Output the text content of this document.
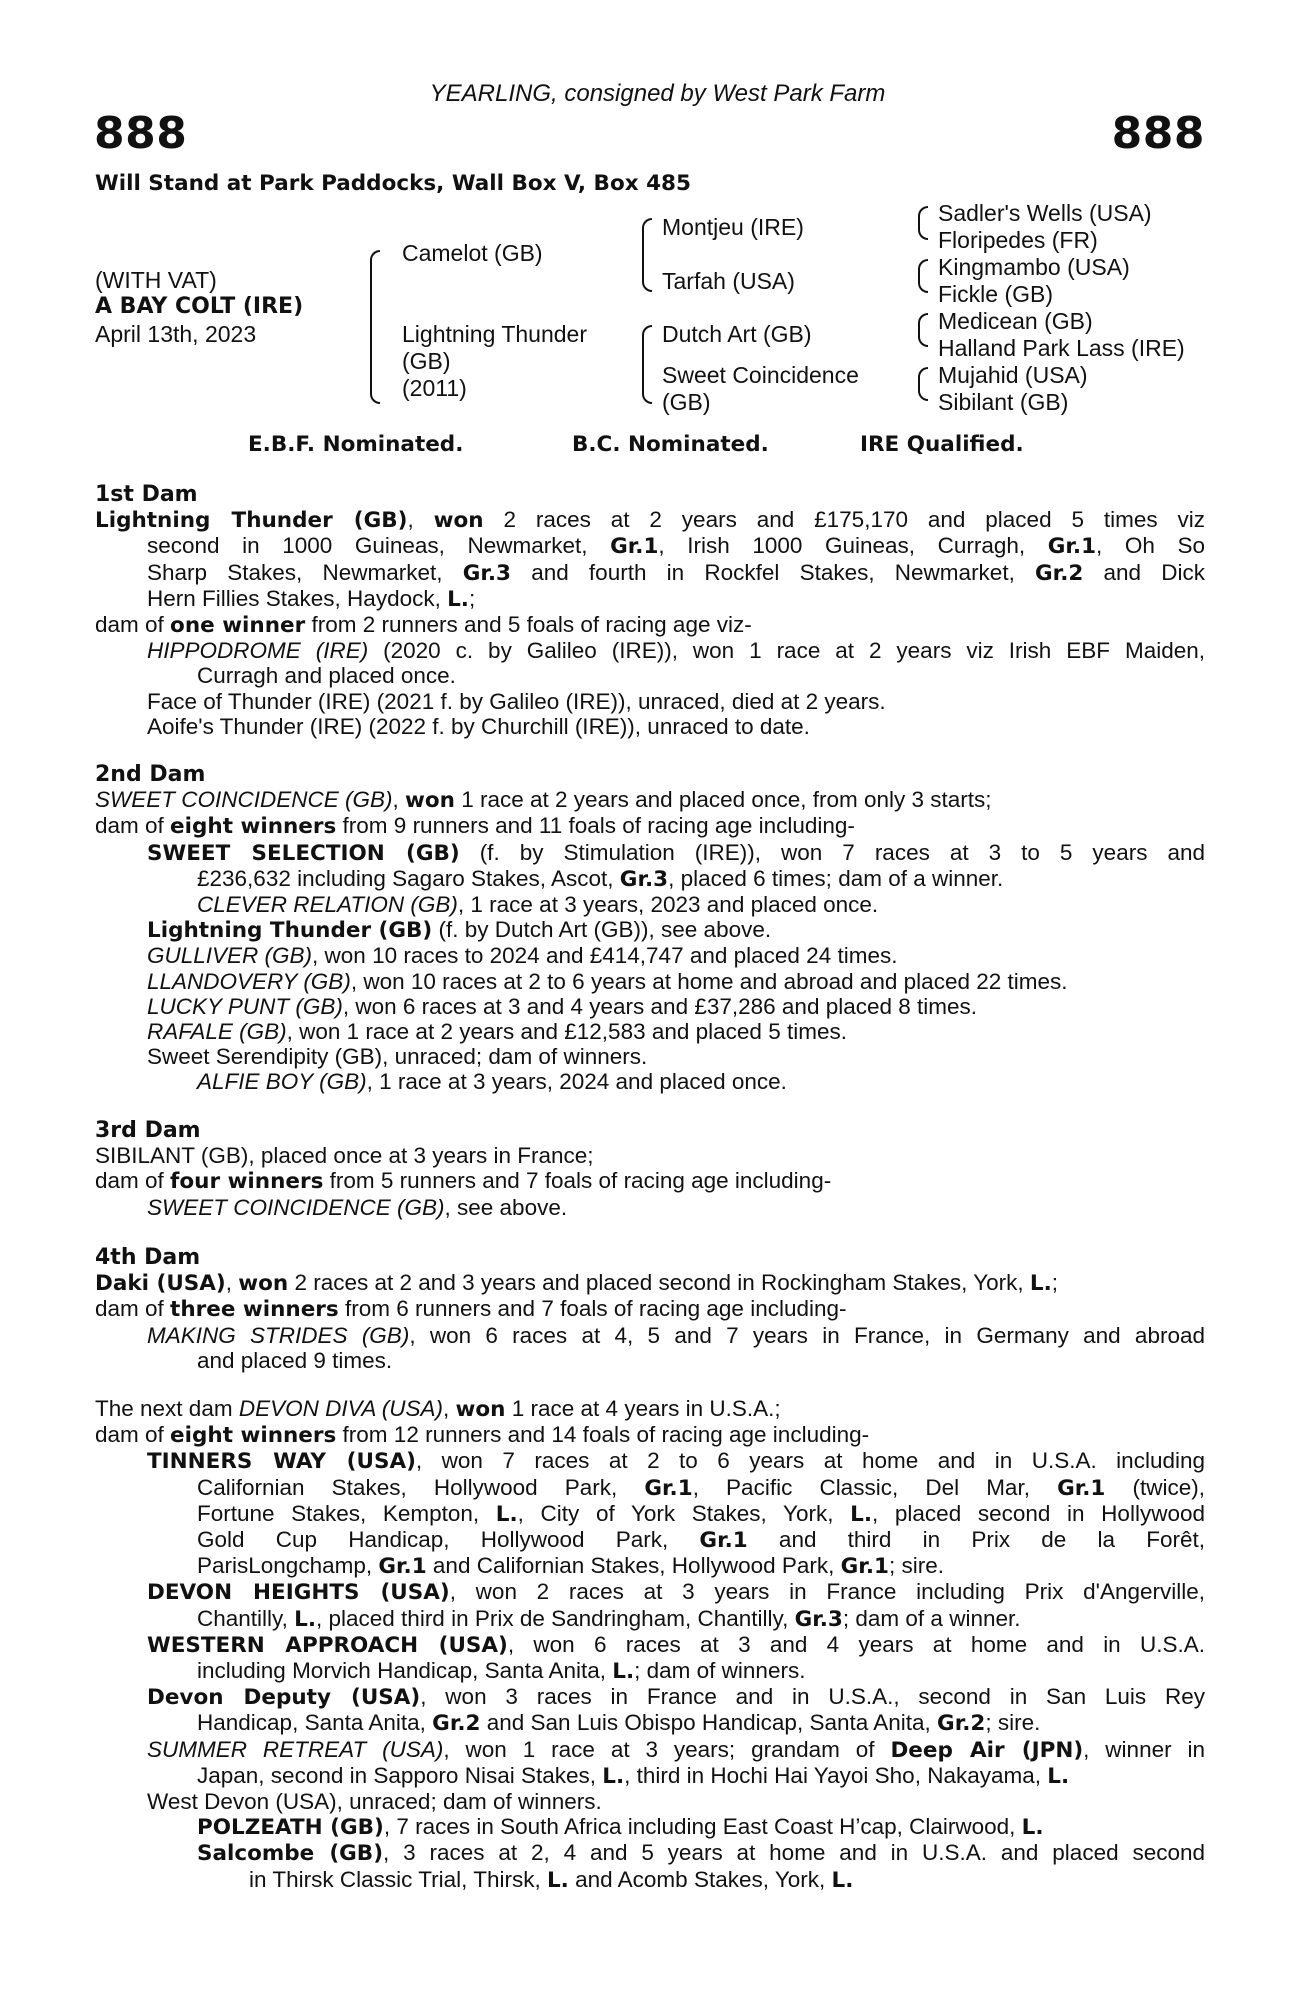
YEARLING, consigned by West Park Farm
888	888
Will Stand at Park Paddocks, Wall Box V, Box 485
(WITH VAT)
A BAY COLT (IRE)
April 13th, 2023
Camelot (GB)
Lightning Thunder
(GB)
(2011)
Montjeu (IRE)
Tarfah (USA)
Dutch Art (GB)
Sweet Coincidence
(GB)
Sadler's Wells (USA)
Floripedes (FR)
Kingmambo (USA)
Fickle (GB)
Medicean (GB)
Halland Park Lass (IRE)
Mujahid (USA)
Sibilant (GB)
E.B.F. Nominated.	B.C. Nominated.	IRE Qualified.
1st Dam
Lightning Thunder (GB), won 2 races at 2 years and £175,170 and placed 5 times viz
second in 1000 Guineas, Newmarket, Gr.1, Irish 1000 Guineas, Curragh, Gr.1, Oh So
Sharp Stakes, Newmarket, Gr.3 and fourth in Rockfel Stakes, Newmarket, Gr.2 and Dick
Hern Fillies Stakes, Haydock, L.;
dam of one winner from 2 runners and 5 foals of racing age viz-
HIPPODROME (IRE) (2020 c. by Galileo (IRE)), won 1 race at 2 years viz Irish EBF Maiden,
Curragh and placed once.
Face of Thunder (IRE) (2021 f. by Galileo (IRE)), unraced, died at 2 years.
Aoife's Thunder (IRE) (2022 f. by Churchill (IRE)), unraced to date.
2nd Dam
SWEET COINCIDENCE (GB), won 1 race at 2 years and placed once, from only 3 starts;
dam of eight winners from 9 runners and 11 foals of racing age including-
SWEET SELECTION (GB) (f. by Stimulation (IRE)), won 7 races at 3 to 5 years and
£236,632 including Sagaro Stakes, Ascot, Gr.3, placed 6 times; dam of a winner.
CLEVER RELATION (GB), 1 race at 3 years, 2023 and placed once.
Lightning Thunder (GB) (f. by Dutch Art (GB)), see above.
GULLIVER (GB), won 10 races to 2024 and £414,747 and placed 24 times.
LLANDOVERY (GB), won 10 races at 2 to 6 years at home and abroad and placed 22 times.
LUCKY PUNT (GB), won 6 races at 3 and 4 years and £37,286 and placed 8 times.
RAFALE (GB), won 1 race at 2 years and £12,583 and placed 5 times.
Sweet Serendipity (GB), unraced; dam of winners.
ALFIE BOY (GB), 1 race at 3 years, 2024 and placed once.
3rd Dam
SIBILANT (GB), placed once at 3 years in France;
dam of four winners from 5 runners and 7 foals of racing age including-
SWEET COINCIDENCE (GB), see above.
4th Dam
Daki (USA), won 2 races at 2 and 3 years and placed second in Rockingham Stakes, York, L.;
dam of three winners from 6 runners and 7 foals of racing age including-
MAKING STRIDES (GB), won 6 races at 4, 5 and 7 years in France, in Germany and abroad
and placed 9 times.
The next dam DEVON DIVA (USA), won 1 race at 4 years in U.S.A.;
dam of eight winners from 12 runners and 14 foals of racing age including-
TINNERS WAY (USA), won 7 races at 2 to 6 years at home and in U.S.A. including
Californian Stakes, Hollywood Park, Gr.1, Pacific Classic, Del Mar, Gr.1 (twice),
Fortune Stakes, Kempton, L., City of York Stakes, York, L., placed second in Hollywood
Gold Cup Handicap, Hollywood Park, Gr.1 and third in Prix de la Forêt,
ParisLongchamp, Gr.1 and Californian Stakes, Hollywood Park, Gr.1; sire.
DEVON HEIGHTS (USA), won 2 races at 3 years in France including Prix d'Angerville,
Chantilly, L., placed third in Prix de Sandringham, Chantilly, Gr.3; dam of a winner.
WESTERN APPROACH (USA), won 6 races at 3 and 4 years at home and in U.S.A.
including Morvich Handicap, Santa Anita, L.; dam of winners.
Devon Deputy (USA), won 3 races in France and in U.S.A., second in San Luis Rey
Handicap, Santa Anita, Gr.2 and San Luis Obispo Handicap, Santa Anita, Gr.2; sire.
SUMMER RETREAT (USA), won 1 race at 3 years; grandam of Deep Air (JPN), winner in
Japan, second in Sapporo Nisai Stakes, L., third in Hochi Hai Yayoi Sho, Nakayama, L.
West Devon (USA), unraced; dam of winners.
POLZEATH (GB), 7 races in South Africa including East Coast H’cap, Clairwood, L.
Salcombe (GB), 3 races at 2, 4 and 5 years at home and in U.S.A. and placed second
in Thirsk Classic Trial, Thirsk, L. and Acomb Stakes, York, L.
